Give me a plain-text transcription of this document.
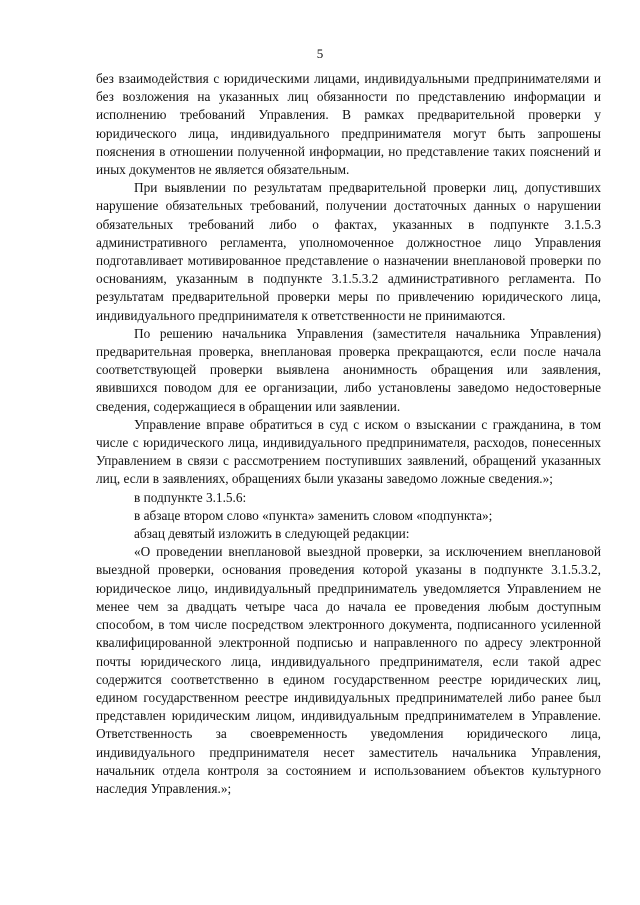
5

без взаимодействия с юридическими лицами, индивидуальными предпринимателями и без возложения на указанных лиц обязанности по представлению информации и исполнению требований Управления. В рамках предварительной проверки у юридического лица, индивидуального предпринимателя могут быть запрошены пояснения в отношении полученной информации, но представление таких пояснений и иных документов не является обязательным.

При выявлении по результатам предварительной проверки лиц, допустивших нарушение обязательных требований, получении достаточных данных о нарушении обязательных требований либо о фактах, указанных в подпункте 3.1.5.3 административного регламента, уполномоченное должностное лицо Управления подготавливает мотивированное представление о назначении внеплановой проверки по основаниям, указанным в подпункте 3.1.5.3.2 административного регламента. По результатам предварительной проверки меры по привлечению юридического лица, индивидуального предпринимателя к ответственности не принимаются.

По решению начальника Управления (заместителя начальника Управления) предварительная проверка, внеплановая проверка прекращаются, если после начала соответствующей проверки выявлена анонимность обращения или заявления, явившихся поводом для ее организации, либо установлены заведомо недостоверные сведения, содержащиеся в обращении или заявлении.

Управление вправе обратиться в суд с иском о взыскании с гражданина, в том числе с юридического лица, индивидуального предпринимателя, расходов, понесенных Управлением в связи с рассмотрением поступивших заявлений, обращений указанных лиц, если в заявлениях, обращениях были указаны заведомо ложные сведения.»;

в подпункте 3.1.5.6:

в абзаце втором слово «пункта» заменить словом «подпункта»;

абзац девятый изложить в следующей редакции:

«О проведении внеплановой выездной проверки, за исключением внеплановой выездной проверки, основания проведения которой указаны в подпункте 3.1.5.3.2, юридическое лицо, индивидуальный предприниматель уведомляется Управлением не менее чем за двадцать четыре часа до начала ее проведения любым доступным способом, в том числе посредством электронного документа, подписанного усиленной квалифицированной электронной подписью и направленного по адресу электронной почты юридического лица, индивидуального предпринимателя, если такой адрес содержится соответственно в едином государственном реестре юридических лиц, едином государственном реестре индивидуальных предпринимателей либо ранее был представлен юридическим лицом, индивидуальным предпринимателем в Управление. Ответственность за своевременность уведомления юридического лица, индивидуального предпринимателя несет заместитель начальника Управления, начальник отдела контроля за состоянием и использованием объектов культурного наследия Управления.»;
